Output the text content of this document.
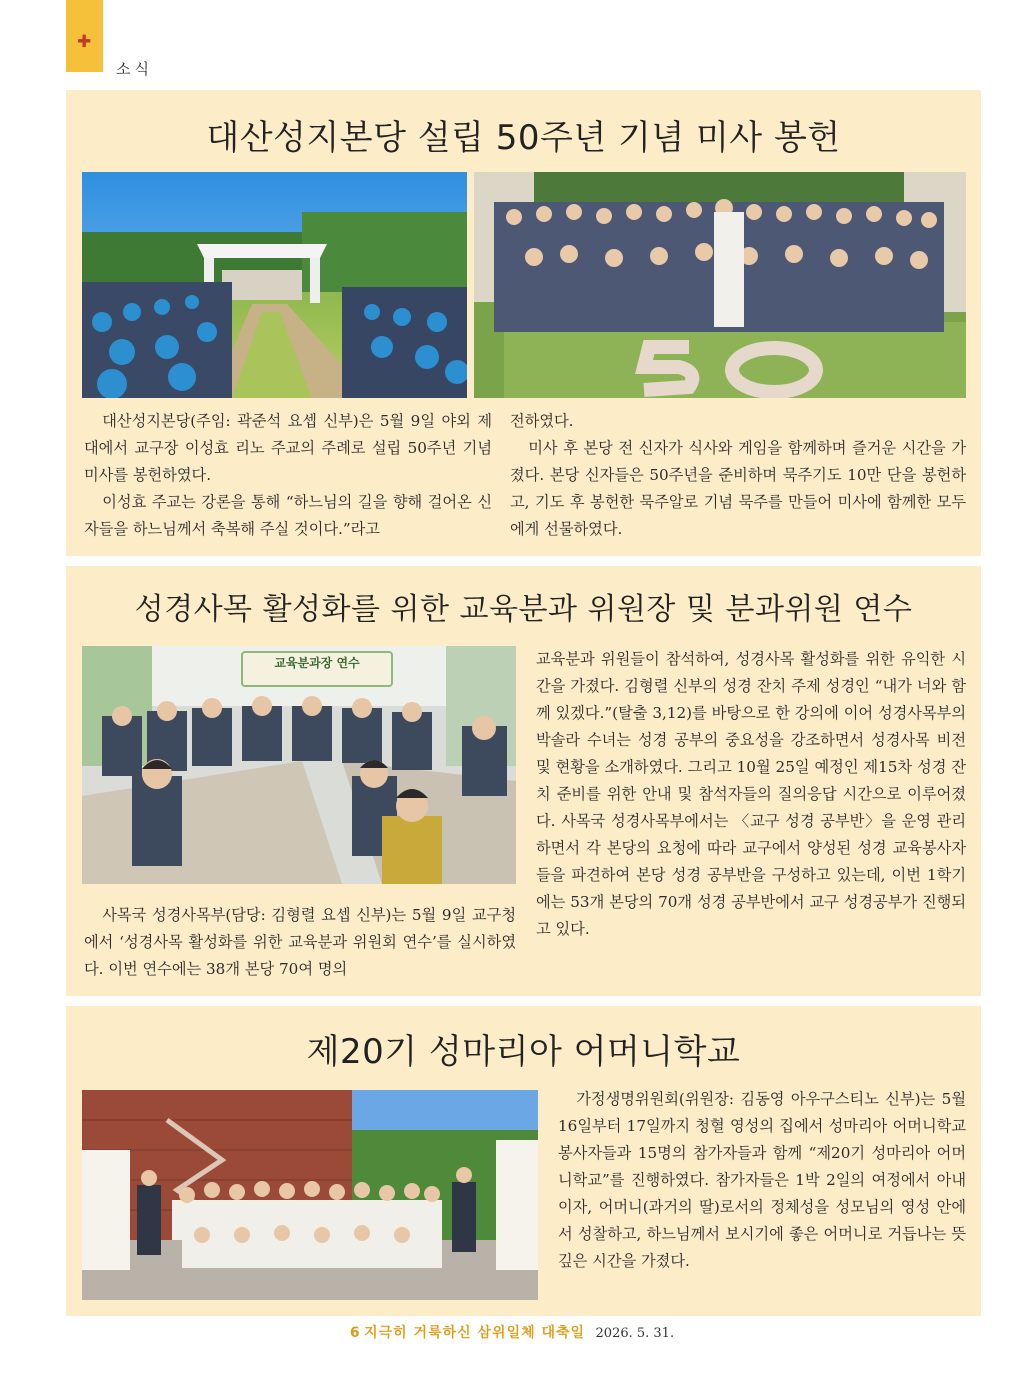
✚
소식
대산성지본당 설립 50주년 기념 미사 봉헌

대산성지본당(주임: 곽준석 요셉 신부)은 5월 9일 야외 제대에서 교구장 이성효 리노 주교의 주례로 설립 50주년 기념 미사를 봉헌하였다.

이성효 주교는 강론을 통해 “하느님의 길을 향해 걸어온 신자들을 하느님께서 축복해 주실 것이다.”라고

전하였다.

미사 후 본당 전 신자가 식사와 게임을 함께하며 즐거운 시간을 가졌다. 본당 신자들은 50주년을 준비하며 묵주기도 10만 단을 봉헌하고, 기도 후 봉헌한 묵주알로 기념 묵주를 만들어 미사에 함께한 모두에게 선물하였다.

성경사목 활성화를 위한 교육분과 위원장 및 분과위원 연수
교육분과장 연수

사목국 성경사목부(담당: 김형렬 요셉 신부)는 5월 9일 교구청에서 ‘성경사목 활성화를 위한 교육분과 위원회 연수’를 실시하였다. 이번 연수에는 38개 본당 70여 명의

교육분과 위원들이 참석하여, 성경사목 활성화를 위한 유익한 시간을 가졌다. 김형렬 신부의 성경 잔치 주제 성경인 “내가 너와 함께 있겠다.”(탈출 3,12)를 바탕으로 한 강의에 이어 성경사목부의 박솔라 수녀는 성경 공부의 중요성을 강조하면서 성경사목 비전 및 현황을 소개하였다. 그리고 10월 25일 예정인 제15차 성경 잔치 준비를 위한 안내 및 참석자들의 질의응답 시간으로 이루어졌다. 사목국 성경사목부에서는 〈교구 성경 공부반〉을 운영 관리하면서 각 본당의 요청에 따라 교구에서 양성된 성경 교육봉사자들을 파견하여 본당 성경 공부반을 구성하고 있는데, 이번 1학기에는 53개 본당의 70개 성경 공부반에서 교구 성경공부가 진행되고 있다.

제20기 성마리아 어머니학교

가정생명위원회(위원장: 김동영 아우구스티노 신부)는 5월 16일부터 17일까지 청혈 영성의 집에서 성마리아 어머니학교 봉사자들과 15명의 참가자들과 함께 “제20기 성마리아 어머니학교”를 진행하였다. 참가자들은 1박 2일의 여정에서 아내이자, 어머니(과거의 딸)로서의 정체성을 성모님의 영성 안에서 성찰하고, 하느님께서 보시기에 좋은 어머니로 거듭나는 뜻깊은 시간을 가졌다.

6 지극히 거룩하신 삼위일체 대축일 2026. 5. 31.
